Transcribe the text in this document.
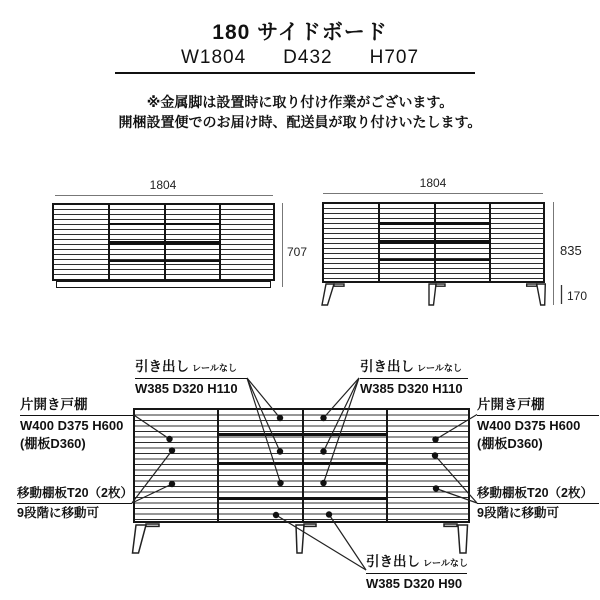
180 サイドボード
W1804 D432 H707
※金属脚は設置時に取り付け作業がございます。
開梱設置便でのお届け時、配送員が取り付けいたします。
1804
707
1804
835
170
引き出し レールなし
W385 D320 H110
引き出し レールなし
W385 D320 H110
片開き戸棚
W400 D375 H600
(棚板D360)
片開き戸棚
W400 D375 H600
(棚板D360)
移動棚板T20（2枚）
9段階に移動可
移動棚板T20（2枚）
9段階に移動可
引き出し レールなし
W385 D320 H90
